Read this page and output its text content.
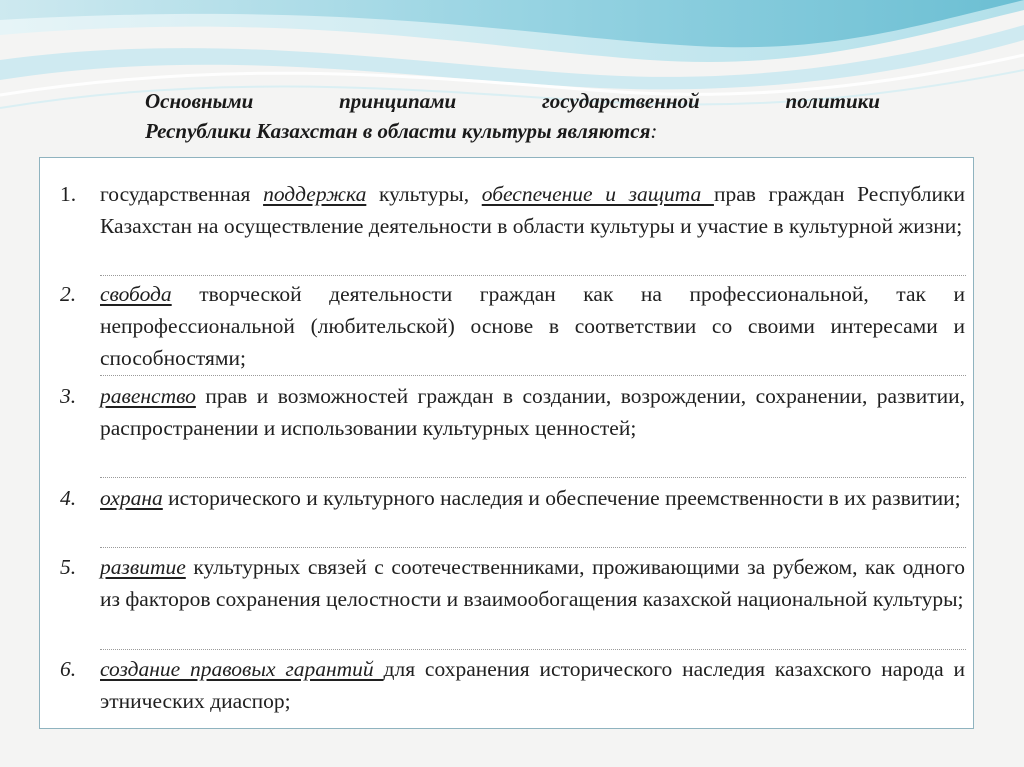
Основными	принципами	государственной	политики
Республики Казахстан в области культуры являются:
1.	государственная поддержка культуры, обеспечение и защита прав граждан Республики Казахстан на осуществление деятельности в области культуры и участие в культурной жизни;
2.	свобода творческой деятельности граждан как на профессиональной, так и непрофессиональной (любительской) основе в соответствии со своими интересами и способностями;
3.	равенство прав и возможностей граждан в создании, возрождении, сохранении, развитии, распространении и использовании культурных ценностей;
4.	охрана исторического и культурного наследия и обеспечение преемственности в их развитии;
5.	развитие культурных связей с соотечественниками, проживающими за рубежом, как одного из факторов сохранения целостности и взаимообогащения казахской национальной культуры;
6.	создание правовых гарантий для сохранения исторического наследия казахского народа и этнических диаспор;
